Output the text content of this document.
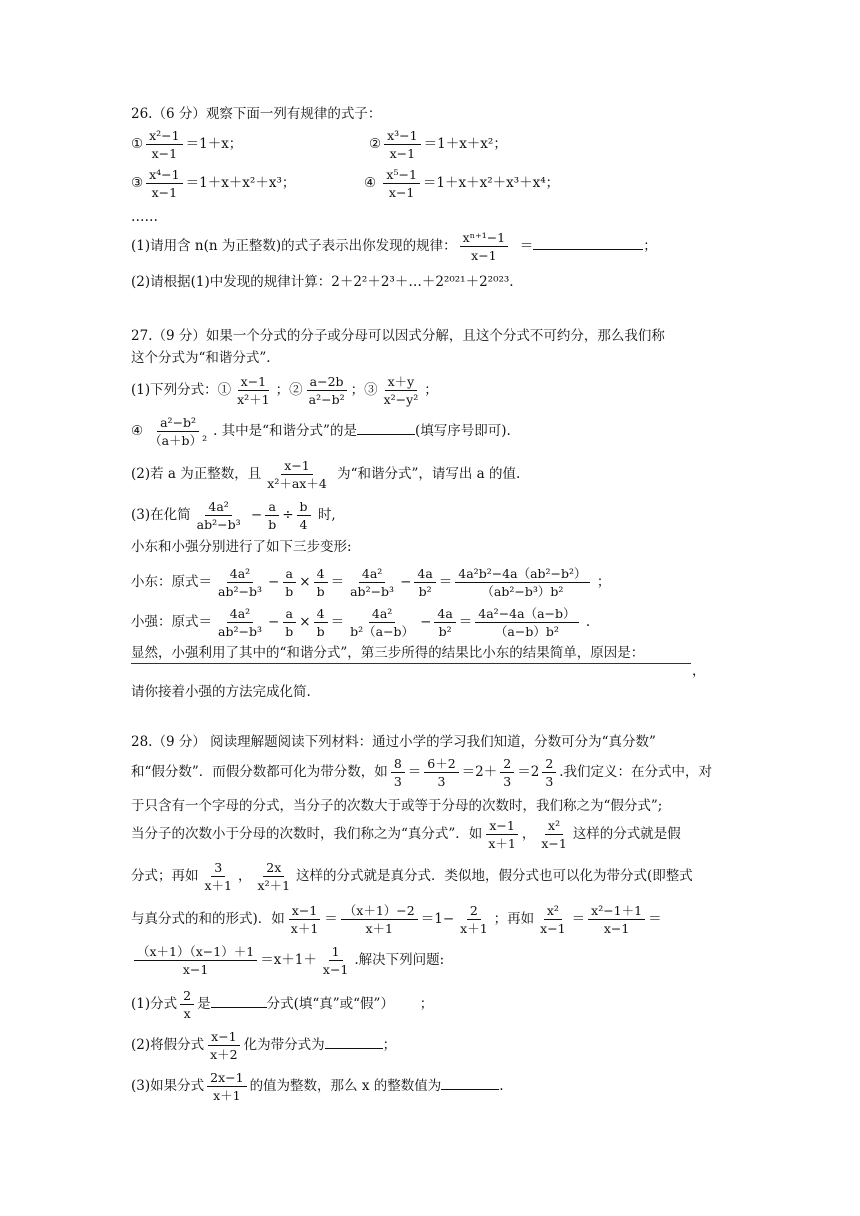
26.（6 分）观察下面一列有规律的式子：
① $\frac{\text{x²−1}}{x-1} =1+x$；	② $\frac{\text{x³−1}}{x-1} =1+x+x^2$；
③ $\frac{\text{x⁴−1}}{x-1} =1+x+x^2+x^3$；	④ $\frac{\text{x⁵−1}}{x-1} =1+x+x^2+x^3+x^4$；
……
(1)请用含 n(n 为正整数)的式子表示出你发现的规律： $\frac{\text{xⁿ⁺¹−1}}{x-1}$ ＝	；
(2)请根据(1)中发现的规律计算：2＋2²＋2³＋…＋2²⁰²¹＋2²⁰²³.
27.（9 分）如果一个分式的分子或分母可以因式分解，且这个分式不可约分，那么我们称
这个分式为“和谐分式”.
(1)下列分式：① $\frac{x-1}{\text{x²＋1}}$ ；② $\frac{a-2b}{\text{a²−b²}}$ ；③ $\frac{x+y}{\text{x²−y²}}$ ；
④ $\frac{\text{a²−b²}}{\text{（a＋b）²}}$ . 其中是“和谐分式”的是	(填写序号即可).
(2)若 a 为正整数，且 $\frac{x-1}{\text{x²＋ax＋4}}$ 为“和谐分式”，请写出 a 的值.
(3)在化简 $\frac{\text{4a²}}{\text{ab²−b³}} - \frac{a}{b} \div \frac{b}{4}$ 时,
小东和小强分别进行了如下三步变形:
小东：原式＝ $\frac{\text{4a²}}{\text{ab²−b³}} - \frac{a}{b} \times \frac{4}{b} = \frac{\text{4a²}}{\text{ab²−b³}} - \frac{4a}{\text{b²}} = \frac{\text{4a²b²−4a（ab²−b²）}}{\text{（ab²−b³）b²}}$ ；
小强：原式＝ $\frac{\text{4a²}}{\text{ab²−b³}} - \frac{a}{b} \times \frac{4}{b} = \frac{\text{4a²}}{\text{b²（a−b）}} - \frac{4a}{\text{b²}} = \frac{\text{4a²−4a（a−b）}}{\text{（a−b）b²}}$ .
显然，小强利用了其中的“和谐分式”，第三步所得的结果比小东的结果简单，原因是：
，
请你接着小强的方法完成化简.
28.（9 分） 阅读理解题阅读下列材料：通过小学的学习我们知道，分数可分为“真分数”
和“假分数”．而假分数都可化为带分数，如 $\frac{8}{3} = \frac{6+2}{3} =2+ \frac{2}{3} =2 \frac{2}{3}$ .我们定义：在分式中，对
于只含有一个字母的分式，当分子的次数大于或等于分母的次数时，我们称之为“假分式”;
当分子的次数小于分母的次数时，我们称之为“真分式”．如 $\frac{x-1}{x+1}$ ， $\frac{\text{x²}}{x-1}$ 这样的分式就是假
分式；再如 $\frac{3}{x+1}$ ， $\frac{2x}{\text{x²＋1}}$ 这样的分式就是真分式．类似地，假分式也可以化为带分式(即整式
与真分式的和的形式)．如 $\frac{x-1}{x+1} = \frac{(x+1)-2}{x+1} =1- \frac{2}{x+1}$ ；再如 $\frac{\text{x²}}{x-1} = \frac{\text{x²−1＋1}}{x-1}$ ＝
$\frac{(x+1)(x-1)+1}{x-1} =x+1+ \frac{1}{x-1}$ .解决下列问题:
(1)分式 $\frac{2}{x}$ 是	分式(填“真”或“假”） ；
(2)将假分式 $\frac{x-1}{x+2}$ 化为带分式为	；
(3)如果分式 $\frac{2x-1}{x+1}$ 的值为整数，那么 x 的整数值为	.
